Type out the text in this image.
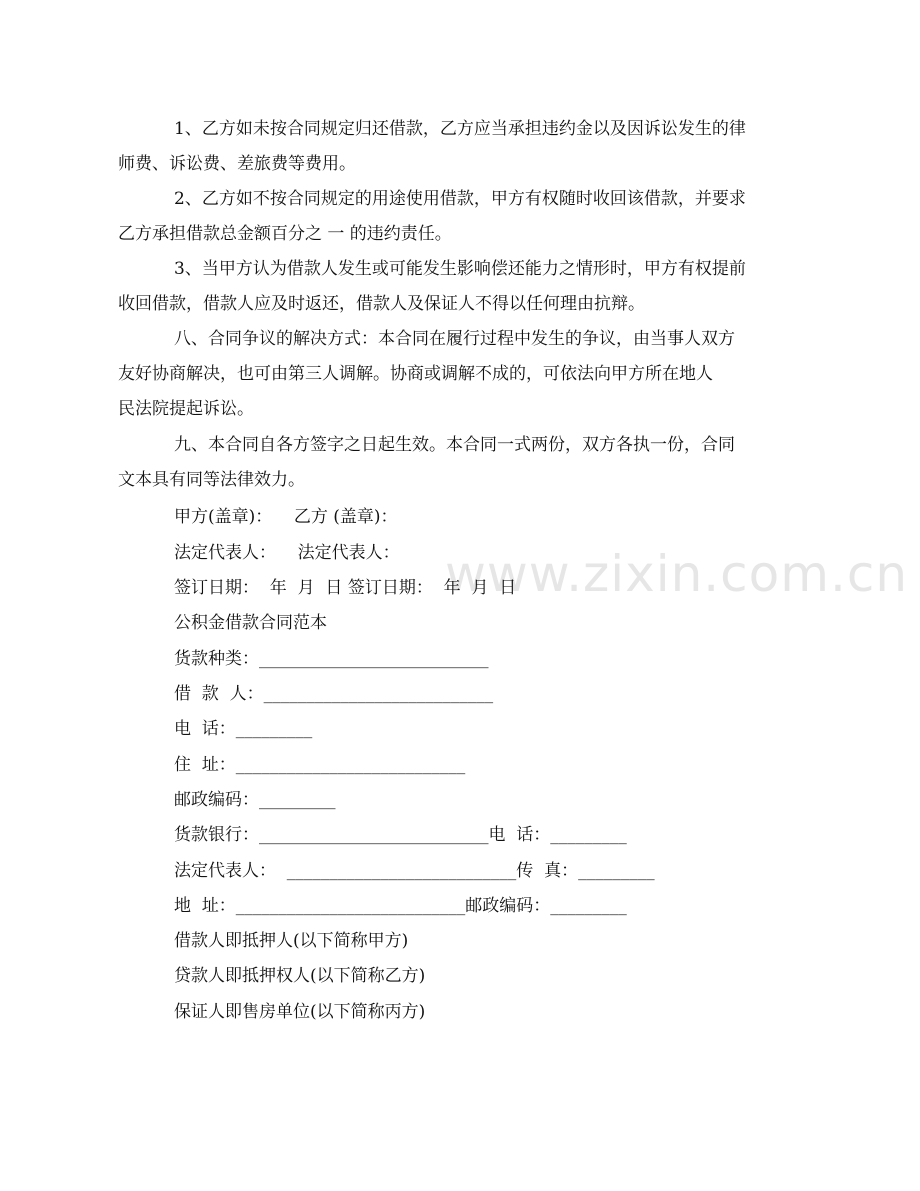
www.zixin.com.cn

1、乙方如未按合同规定归还借款，乙方应当承担违约金以及因诉讼发生的律
师费、诉讼费、差旅费等费用。

2、乙方如不按合同规定的用途使用借款，甲方有权随时收回该借款，并要求
乙方承担借款总金额百分之 一 的违约责任。

3、当甲方认为借款人发生或可能发生影响偿还能力之情形时，甲方有权提前
收回借款，借款人应及时返还，借款人及保证人不得以任何理由抗辩。

八、合同争议的解决方式：本合同在履行过程中发生的争议，由当事人双方
友好协商解决，也可由第三人调解。协商或调解不成的，可依法向甲方所在地人
民法院提起诉讼。

九、本合同自各方签字之日起生效。本合同一式两份，双方各执一份，合同
文本具有同等法律效力。

甲方(盖章)：    乙方 (盖章)：

法定代表人：    法定代表人：

签订日期：  年  月  日 签订日期：  年  月  日

公积金借款合同范本

货款种类：___________________________

借  款  人：___________________________

电  话：_________

住  址：___________________________

邮政编码：_________

货款银行：___________________________电  话：_________

法定代表人：  ___________________________传  真：_________

地  址：___________________________邮政编码：_________

借款人即抵押人(以下简称甲方)

贷款人即抵押权人(以下简称乙方)

保证人即售房单位(以下简称丙方)
